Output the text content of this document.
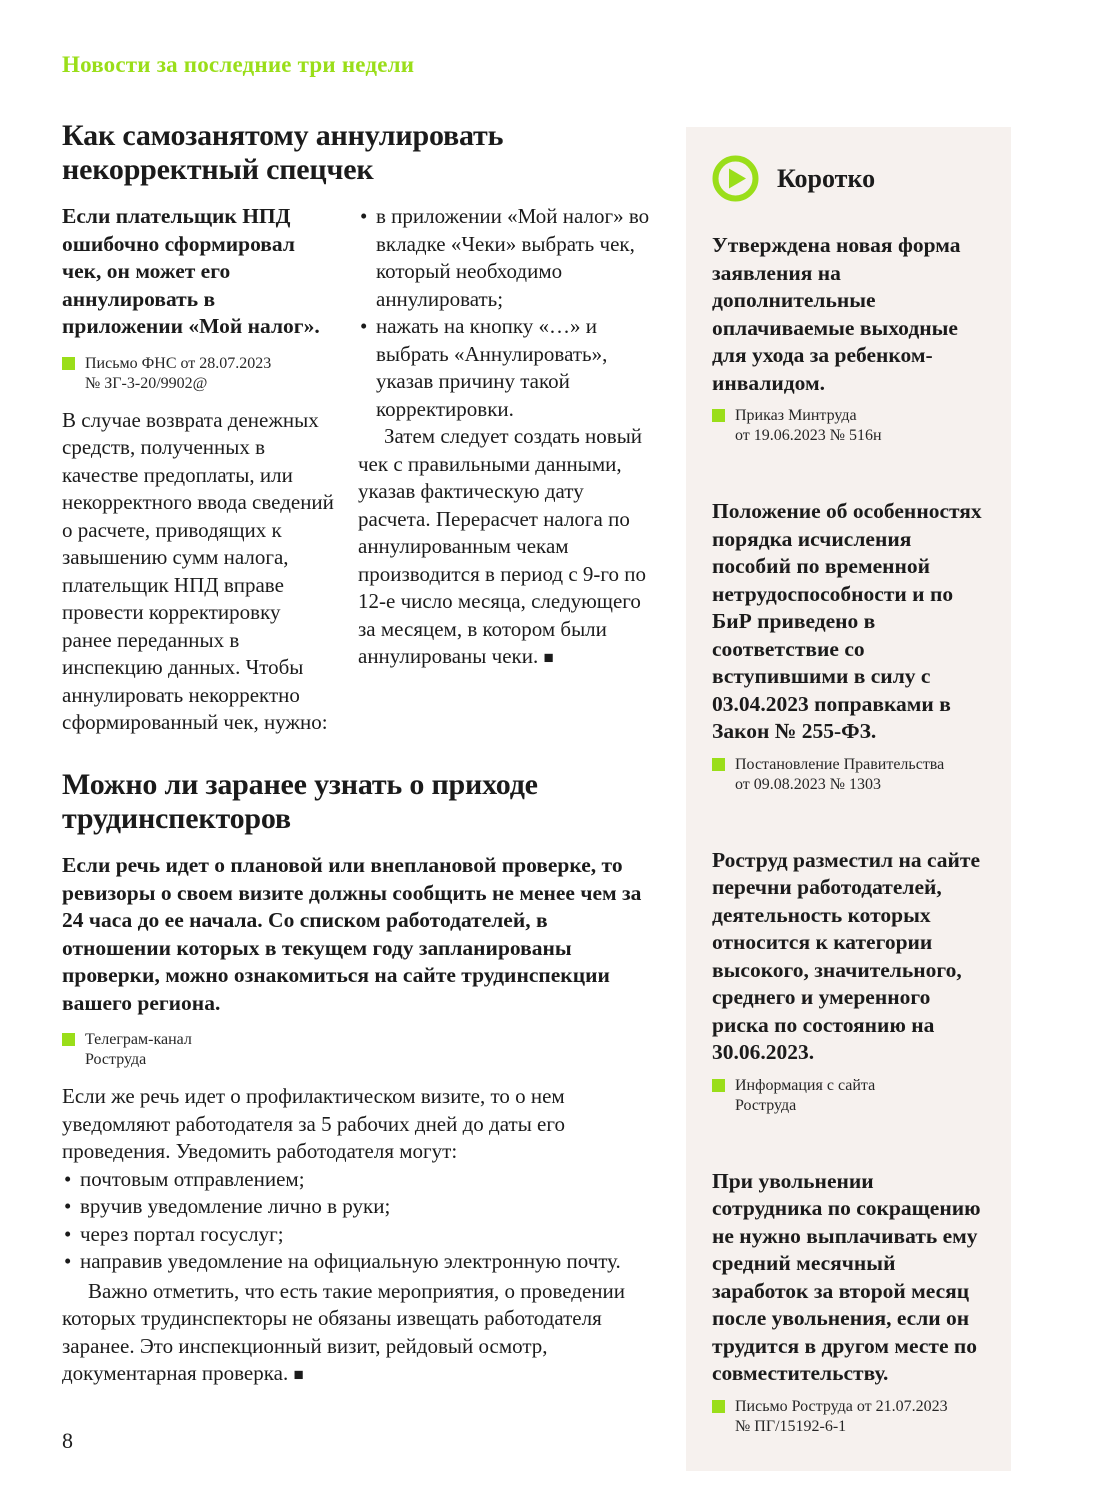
Новости за последние три недели
Как самозанятому аннулировать некорректный спецчек

Если плательщик НПД ошибочно сформировал чек, он может его аннулировать в приложении «Мой налог».

Письмо ФНС от 28.07.2023
№ ЗГ-3-20/9902@

В случае возврата денежных средств, полученных в качестве предоплаты, или некорректного ввода сведений о расчете, приводящих к завышению сумм налога, плательщик НПД вправе провести корректировку ранее переданных в инспекцию данных. Чтобы аннулировать некорректно сформированный чек, нужно:

• в приложении «Мой налог» во вкладке «Чеки» выбрать чек, который необходимо аннулировать;
• нажать на кнопку «…» и выбрать «Аннулировать», указав причину такой корректировки.

Затем следует создать новый чек с правильными данными, указав фактическую дату расчета. Перерасчет налога по аннулированным чекам производится в период с 9-го по 12-е число месяца, следующего за месяцем, в котором были аннулированы чеки. ■

Можно ли заранее узнать о приходе трудинспекторов

Если речь идет о плановой или внеплановой проверке, то ревизоры о своем визите должны сообщить не менее чем за 24 часа до ее начала. Со списком работодателей, в отношении которых в текущем году запланированы проверки, можно ознакомиться на сайте трудинспекции вашего региона.

Телеграм-канал
Роструда

Если же речь идет о профилактическом визите, то о нем уведомляют работодателя за 5 рабочих дней до даты его проведения. Уведомить работодателя могут:

• почтовым отправлением;
• вручив уведомление лично в руки;
• через портал госуслуг;
• направив уведомление на официальную электронную почту.

Важно отметить, что есть такие мероприятия, о проведении которых трудинспекторы не обязаны извещать работодателя заранее. Это инспекционный визит, рейдовый осмотр, документарная проверка. ■

Коротко

Утверждена новая форма заявления на дополнительные оплачиваемые выходные для ухода за ребенком-инвалидом.

Приказ Минтруда
от 19.06.2023 № 516н

Положение об особенностях порядка исчисления пособий по временной нетрудоспособности и по БиР приведено в соответствие со вступившими в силу с 03.04.2023 поправками в Закон № 255-ФЗ.

Постановление Правительства
от 09.08.2023 № 1303

Роструд разместил на сайте перечни работодателей, деятельность которых относится к категории высокого, значительного, среднего и умеренного риска по состоянию на 30.06.2023.

Информация с сайта
Роструда

При увольнении сотрудника по сокращению не нужно выплачивать ему средний месячный заработок за второй месяц после увольнения, если он трудится в другом месте по совместительству.

Письмо Роструда от 21.07.2023
№ ПГ/15192-6-1
8
